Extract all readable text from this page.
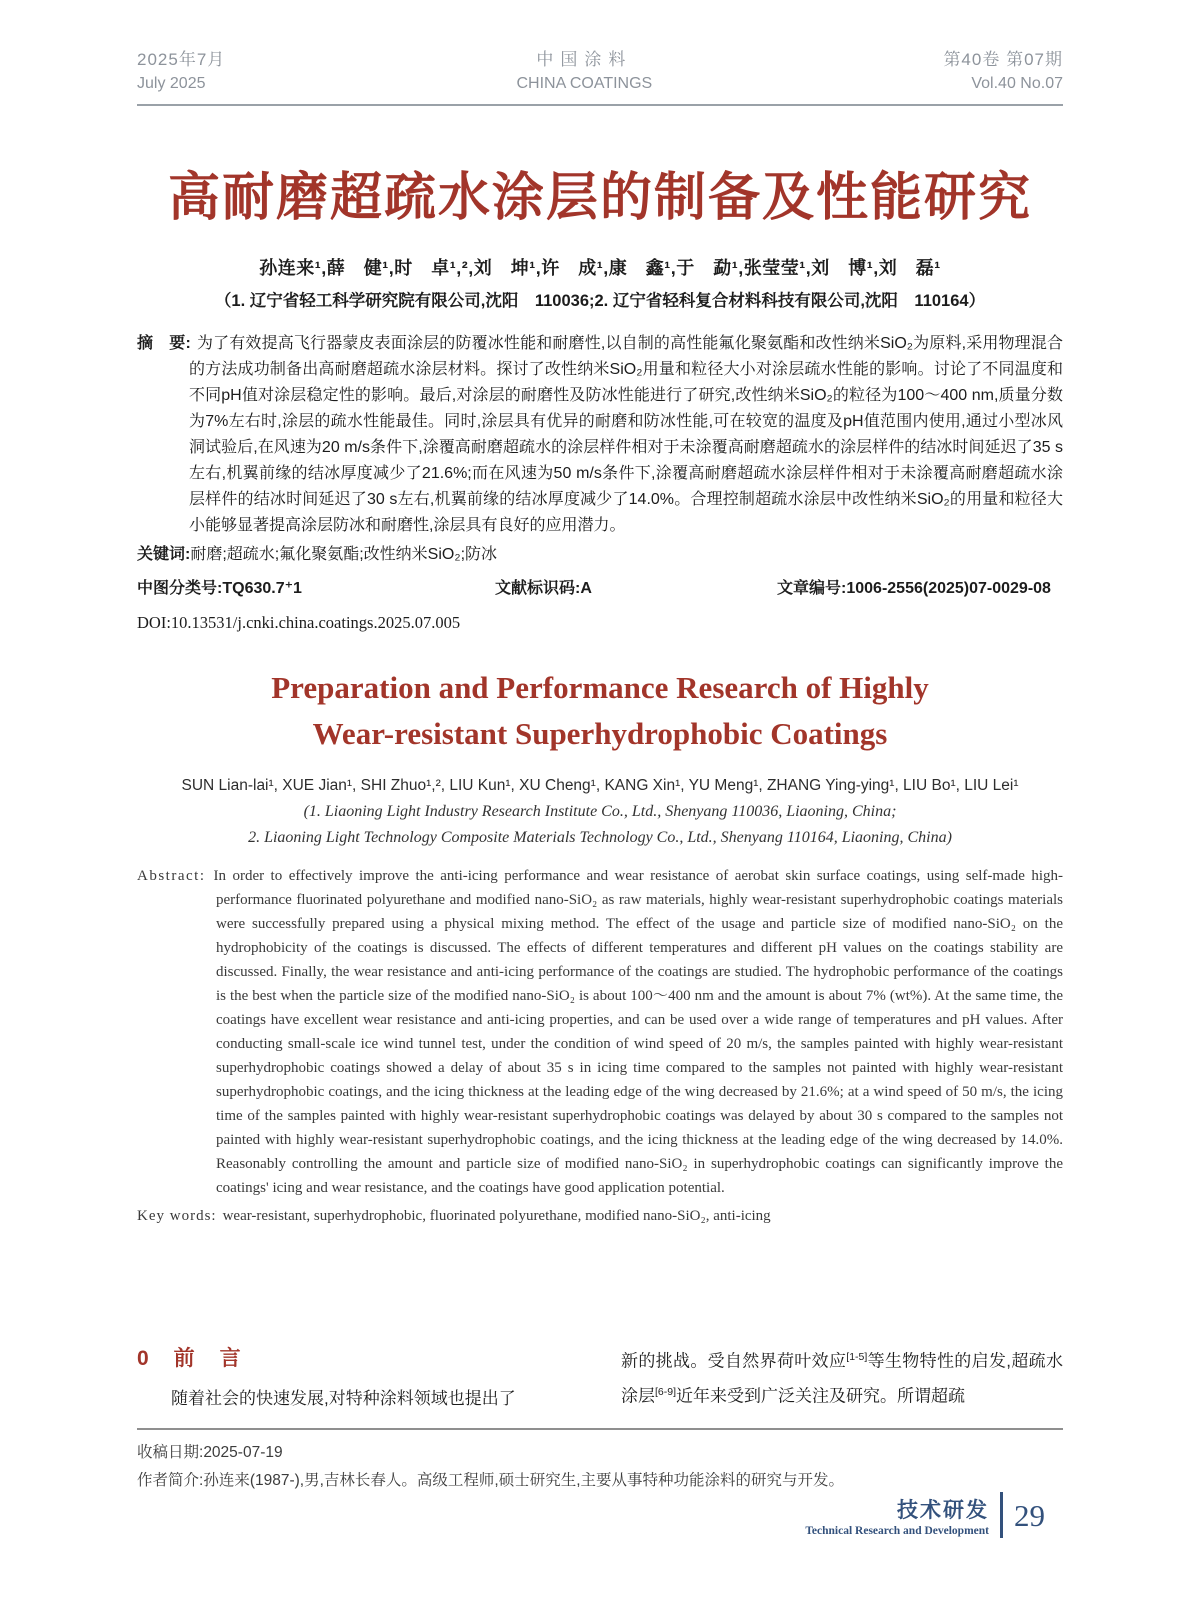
2025年7月
July 2025
中国涂料
CHINA COATINGS
第40卷 第07期
Vol.40 No.07
高耐磨超疏水涂层的制备及性能研究
孙连来¹,薛　健¹,时　卓¹,²,刘　坤¹,许　成¹,康　鑫¹,于　勐¹,张莹莹¹,刘　博¹,刘　磊¹
（1. 辽宁省轻工科学研究院有限公司,沈阳　110036;2. 辽宁省轻科复合材料科技有限公司,沈阳　110164）
摘　要: 为了有效提高飞行器蒙皮表面涂层的防覆冰性能和耐磨性,以自制的高性能氟化聚氨酯和改性纳米SiO₂为原料,采用物理混合的方法成功制备出高耐磨超疏水涂层材料。探讨了改性纳米SiO₂用量和粒径大小对涂层疏水性能的影响。讨论了不同温度和不同pH值对涂层稳定性的影响。最后,对涂层的耐磨性及防冰性能进行了研究,改性纳米SiO₂的粒径为100～400 nm,质量分数为7%左右时,涂层的疏水性能最佳。同时,涂层具有优异的耐磨和防冰性能,可在较宽的温度及pH值范围内使用,通过小型冰风洞试验后,在风速为20 m/s条件下,涂覆高耐磨超疏水的涂层样件相对于未涂覆高耐磨超疏水的涂层样件的结冰时间延迟了35 s左右,机翼前缘的结冰厚度减少了21.6%;而在风速为50 m/s条件下,涂覆高耐磨超疏水涂层样件相对于未涂覆高耐磨超疏水涂层样件的结冰时间延迟了30 s左右,机翼前缘的结冰厚度减少了14.0%。合理控制超疏水涂层中改性纳米SiO₂的用量和粒径大小能够显著提高涂层防冰和耐磨性,涂层具有良好的应用潜力。
关键词:耐磨;超疏水;氟化聚氨酯;改性纳米SiO₂;防冰
中图分类号:TQ630.7⁺1	文献标识码:A	文章编号:1006-2556(2025)07-0029-08
DOI:10.13531/j.cnki.china.coatings.2025.07.005
Preparation and Performance Research of Highly
Wear-resistant Superhydrophobic Coatings
SUN Lian-lai¹, XUE Jian¹, SHI Zhuo¹,², LIU Kun¹, XU Cheng¹, KANG Xin¹, YU Meng¹, ZHANG Ying-ying¹, LIU Bo¹, LIU Lei¹
(1. Liaoning Light Industry Research Institute Co., Ltd., Shenyang 110036, Liaoning, China;
2. Liaoning Light Technology Composite Materials Technology Co., Ltd., Shenyang 110164, Liaoning, China)
Abstract: In order to effectively improve the anti-icing performance and wear resistance of aerobat skin surface coatings, using self-made high-performance fluorinated polyurethane and modified nano-SiO₂ as raw materials, highly wear-resistant superhydrophobic coatings materials were successfully prepared using a physical mixing method. The effect of the usage and particle size of modified nano-SiO₂ on the hydrophobicity of the coatings is discussed. The effects of different temperatures and different pH values on the coatings stability are discussed. Finally, the wear resistance and anti-icing performance of the coatings are studied. The hydrophobic performance of the coatings is the best when the particle size of the modified nano-SiO₂ is about 100～400 nm and the amount is about 7% (wt%). At the same time, the coatings have excellent wear resistance and anti-icing properties, and can be used over a wide range of temperatures and pH values. After conducting small-scale ice wind tunnel test, under the condition of wind speed of 20 m/s, the samples painted with highly wear-resistant superhydrophobic coatings showed a delay of about 35 s in icing time compared to the samples not painted with highly wear-resistant superhydrophobic coatings, and the icing thickness at the leading edge of the wing decreased by 21.6%; at a wind speed of 50 m/s, the icing time of the samples painted with highly wear-resistant superhydrophobic coatings was delayed by about 30 s compared to the samples not painted with highly wear-resistant superhydrophobic coatings, and the icing thickness at the leading edge of the wing decreased by 14.0%. Reasonably controlling the amount and particle size of modified nano-SiO₂ in superhydrophobic coatings can significantly improve the coatings' icing and wear resistance, and the coatings have good application potential.
Key words: wear-resistant, superhydrophobic, fluorinated polyurethane, modified nano-SiO₂, anti-icing
0　前　言

随着社会的快速发展,对特种涂料领域也提出了

新的挑战。受自然界荷叶效应[1-5]等生物特性的启发,超疏水涂层[6-9]近年来受到广泛关注及研究。所谓超疏

收稿日期:2025-07-19
作者简介:孙连来(1987-),男,吉林长春人。高级工程师,硕士研究生,主要从事特种功能涂料的研究与开发。
技术研发
Technical Research and Development 29
